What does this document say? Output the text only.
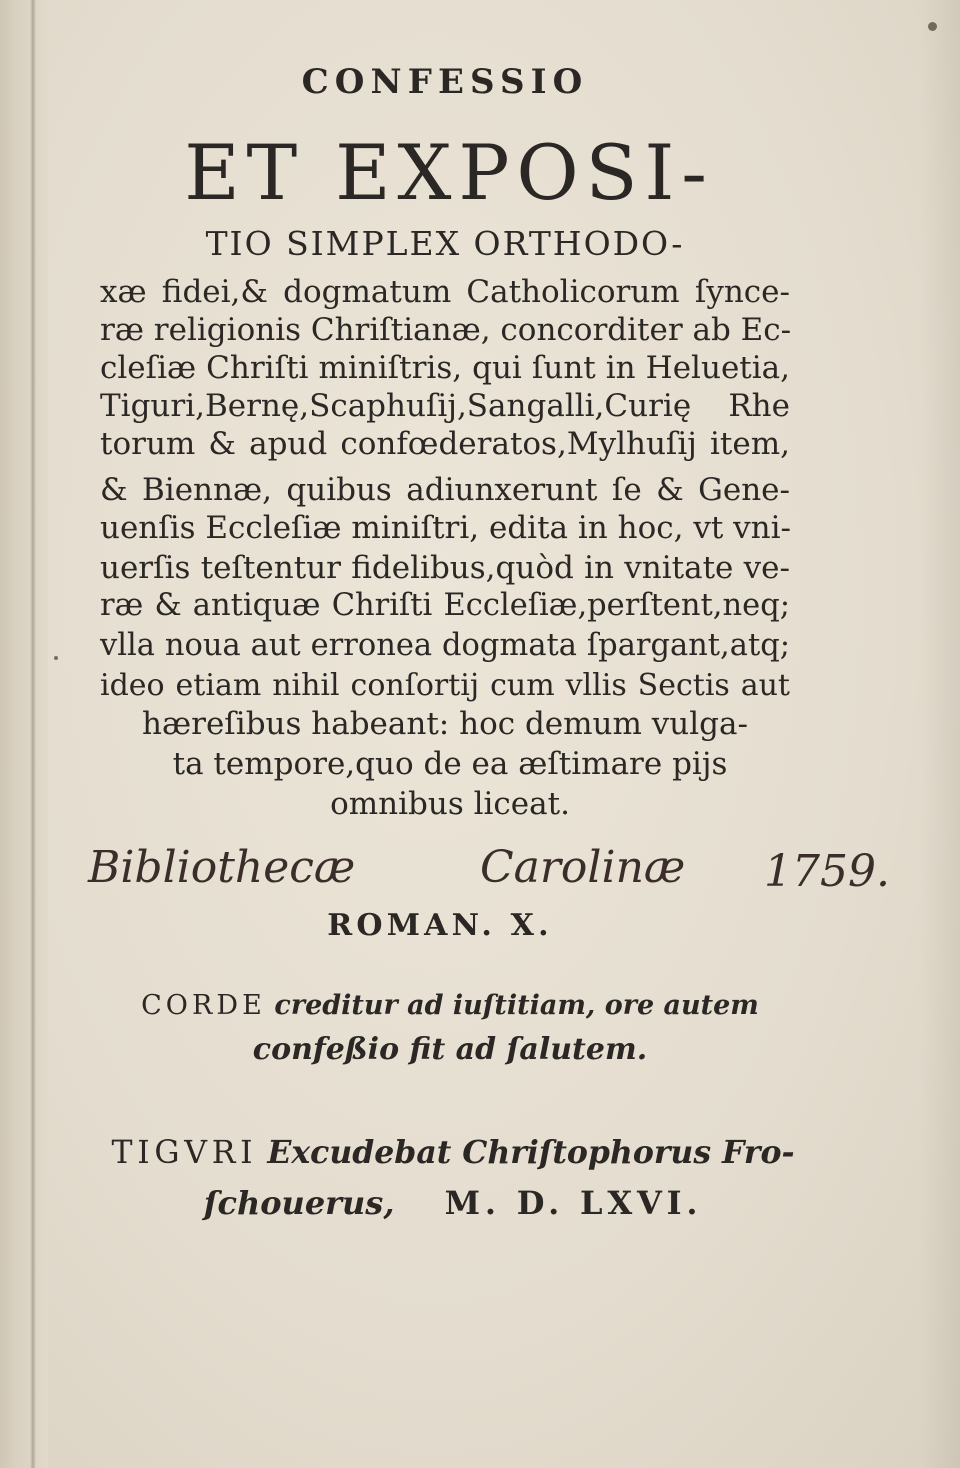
CONFESSIO
ET EXPOSI-
TIO SIMPLEX ORTHODO-
xæ fidei,& dogmatum Catholicorum ſynce-
ræ religionis Chriſtianæ, concorditer ab Ec-
cleſiæ Chriſti miniſtris, qui ſunt in Heluetia,
Tiguri,Bernę,Scaphuſij,Sangalli,Curię Rhe
torum & apud confœderatos,Mylhuſij item,
& Biennæ, quibus adiunxerunt ſe & Gene-
uenſis Eccleſiæ miniſtri, edita in hoc, vt vni-
uerſis teſtentur fidelibus,quòd in vnitate ve-
ræ & antiquæ Chriſti Eccleſiæ,perſtent,neq;
vlla noua aut erronea dogmata ſpargant,atq;
ideo etiam nihil conſortij cum vllis Sectis aut
hæreſibus habeant: hoc demum vulga-
ta tempore,quo de ea æſtimare pijs
omnibus liceat.
Bibliothecæ	Carolinæ 1759.
ROMAN. X.
CORDE creditur ad iuſtitiam, ore autem
confeßio fit ad ſalutem.
TIGVRI Excudebat Chriſtophorus Fro-
ſchouerus, M. D. LXVI.
